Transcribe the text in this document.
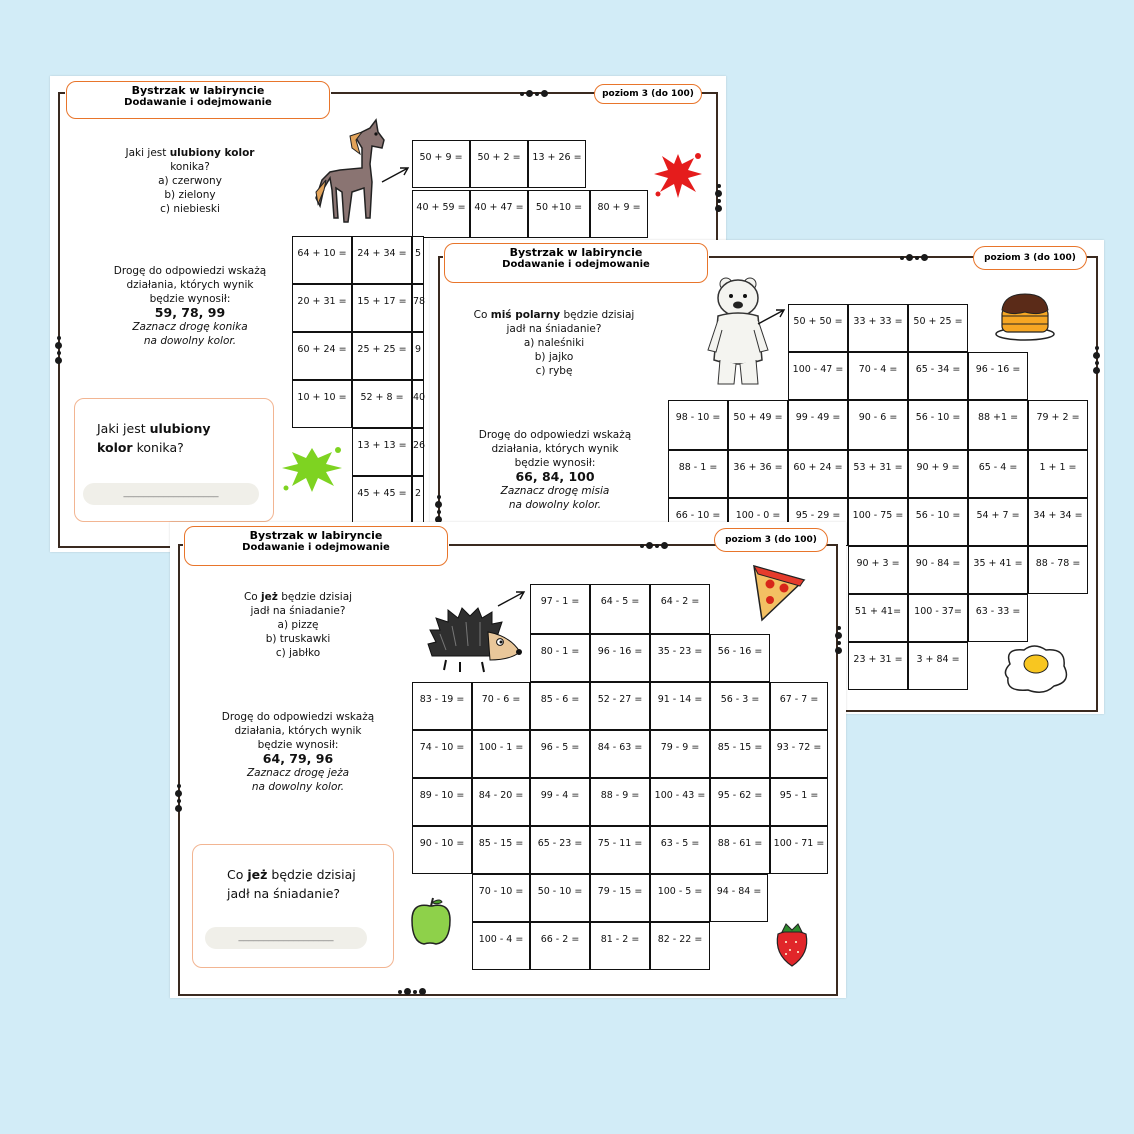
Bystrzak w labiryncie
Dodawanie i odejmowanie
poziom 3 (do 100)
Jaki jest ulubiony kolor
konika?
a) czerwony
b) zielony
c) niebieski
Drogę do odpowiedzi wskażą
działania, których wynik
będzie wynosił:
59, 78, 99
Zaznacz drogę konika
na dowolny kolor.
Jaki jest ulubiony
kolor konika?
___________________
50 + 9 =	50 + 2 =	13 + 26 =
40 + 59 = 40 + 47 =	50 +10 =	80 + 9 =
64 + 10 =	24 + 34 = 5
20 + 31 =	15 + 17 = 78
60 + 24 =	25 + 25 = 9
10 + 10 =	52 + 8 = 40
13 + 13 = 26
45 + 45 = 2
Bystrzak w labiryncie
Dodawanie i odejmowanie
poziom 3 (do 100)
Co miś polarny będzie dzisiaj
jadł na śniadanie?
a) naleśniki
b) jajko
c) rybę
Drogę do odpowiedzi wskażą
działania, których wynik
będzie wynosił:
66, 84, 100
Zaznacz drogę misia
na dowolny kolor.
50 + 50 =	33 + 33 =	50 + 25 =
100 - 47 =	70 - 4 =	65 - 34 =	96 - 16 =
98 - 10 =	50 + 49 =	99 - 49 =	90 - 6 =	56 - 10 =	88 +1 =	79 + 2 =
88 - 1 =	36 + 36 =	60 + 24 =	53 + 31 =	90 + 9 =	65 - 4 =	1 + 1 =
66 - 10 =	100 - 0 =	95 - 29 =	100 - 75 =	56 - 10 =	54 + 7 =	34 + 34 =
90 + 3 =	90 - 84 =	35 + 41 =	88 - 78 =
51 + 41=	100 - 37=	63 - 33 =
23 + 31 =	3 + 84 =
Bystrzak w labiryncie
Dodawanie i odejmowanie
poziom 3 (do 100)
Co jeż będzie dzisiaj
jadł na śniadanie?
a) pizzę
b) truskawki
c) jabłko
Drogę do odpowiedzi wskażą
działania, których wynik
będzie wynosił:
64, 79, 96
Zaznacz drogę jeża
na dowolny kolor.
Co jeż będzie dzisiaj
jadł na śniadanie?
___________________
97 - 1 =	64 - 5 =	64 - 2 =
80 - 1 =	96 - 16 =	35 - 23 =	56 - 16 =
83 - 19 =	70 - 6 =	85 - 6 =	52 - 27 =	91 - 14 =	56 - 3 =	67 - 7 =
74 - 10 =	100 - 1 =	96 - 5 =	84 - 63 =	79 - 9 =	85 - 15 =	93 - 72 =
89 - 10 =	84 - 20 =	99 - 4 =	88 - 9 =	100 - 43 =	95 - 62 =	95 - 1 =
90 - 10 =	85 - 15 =	65 - 23 =	75 - 11 =	63 - 5 =	88 - 61 =	100 - 71 =
70 - 10 =	50 - 10 =	79 - 15 =	100 - 5 =	94 - 84 =
100 - 4 =	66 - 2 =	81 - 2 =	82 - 22 =
